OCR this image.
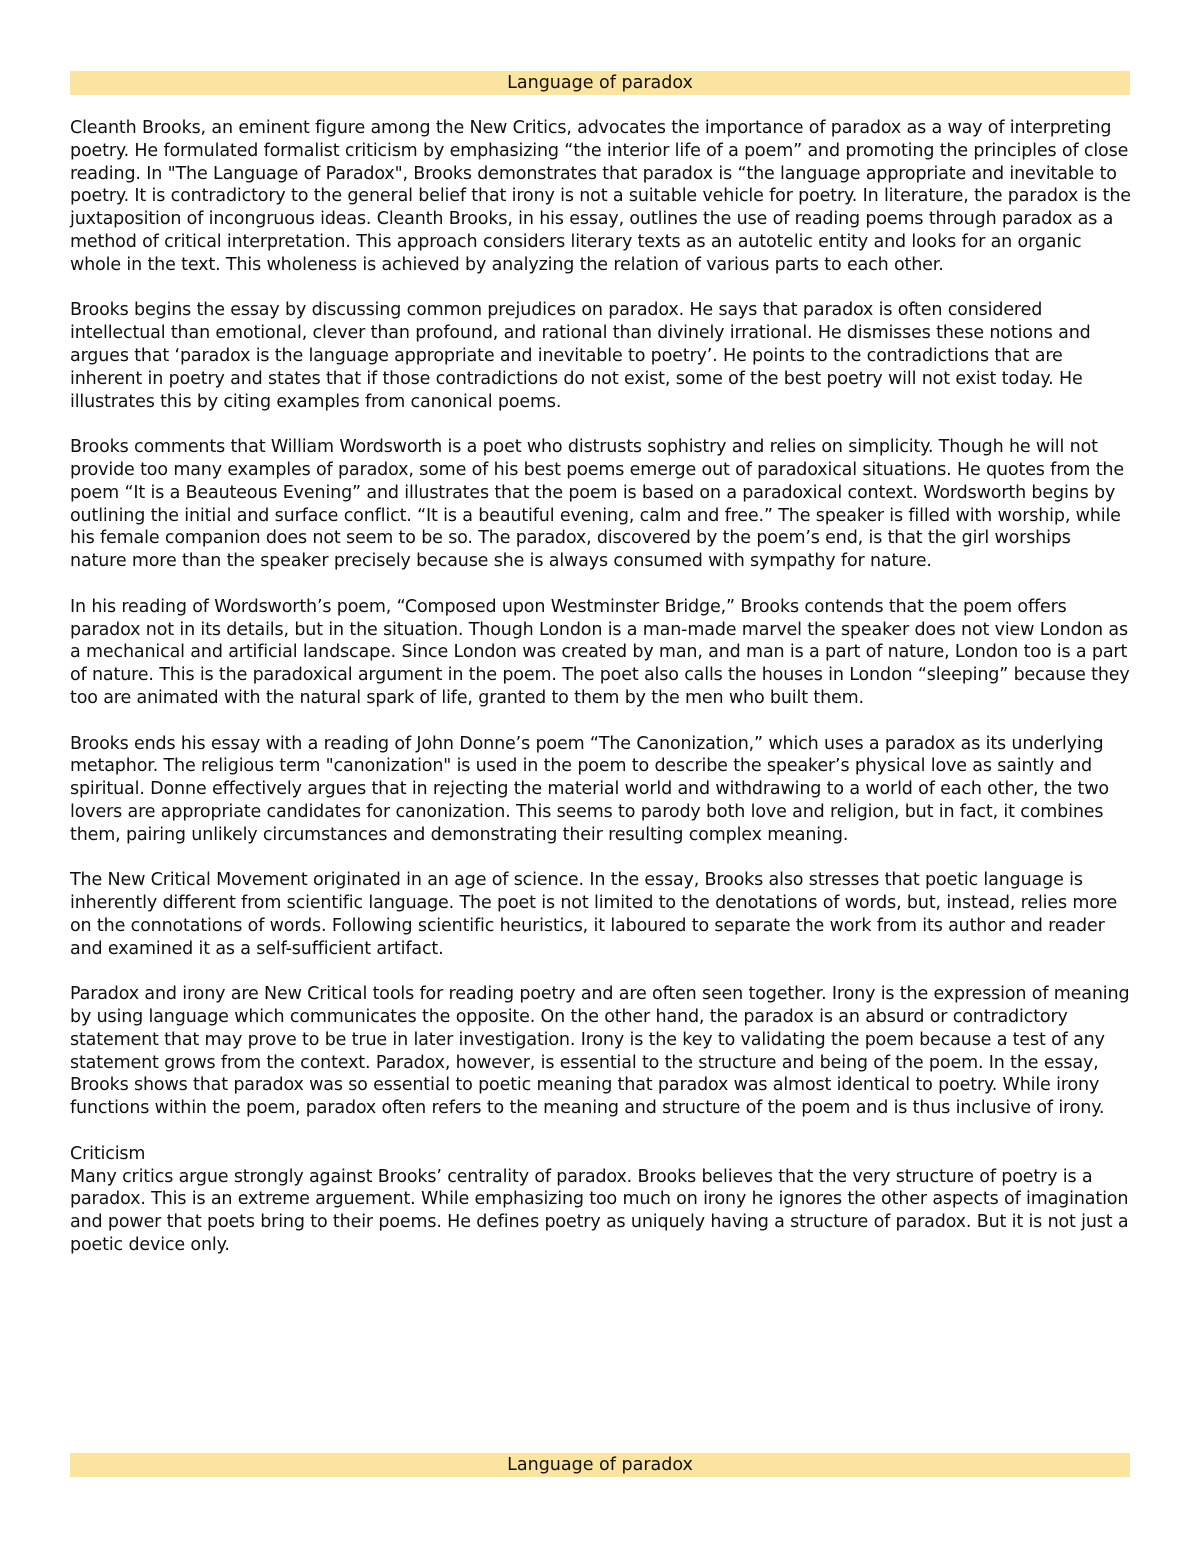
Language of paradox

Cleanth Brooks, an eminent figure among the New Critics, advocates the importance of paradox as a way of interpreting poetry. He formulated formalist criticism by emphasizing “the interior life of a poem” and promoting the principles of close reading. In "The Language of Paradox", Brooks demonstrates that paradox is “the language appropriate and inevitable to poetry. It is contradictory to the general belief that irony is not a suitable vehicle for poetry. In literature, the paradox is the juxtaposition of incongruous ideas. Cleanth Brooks, in his essay, outlines the use of reading poems through paradox as a method of critical interpretation. This approach considers literary texts as an autotelic entity and looks for an organic whole in the text. This wholeness is achieved by analyzing the relation of various parts to each other.

Brooks begins the essay by discussing common prejudices on paradox. He says that paradox is often considered intellectual than emotional, clever than profound, and rational than divinely irrational. He dismisses these notions and argues that ‘paradox is the language appropriate and inevitable to poetry’. He points to the contradictions that are inherent in poetry and states that if those contradictions do not exist, some of the best poetry will not exist today. He illustrates this by citing examples from canonical poems.

Brooks comments that William Wordsworth is a poet who distrusts sophistry and relies on simplicity. Though he will not provide too many examples of paradox, some of his best poems emerge out of paradoxical situations. He quotes from the poem “It is a Beauteous Evening” and illustrates that the poem is based on a paradoxical context. Wordsworth begins by outlining the initial and surface conflict. “It is a beautiful evening, calm and free.” The speaker is filled with worship, while his female companion does not seem to be so. The paradox, discovered by the poem’s end, is that the girl worships nature more than the speaker precisely because she is always consumed with sympathy for nature.

In his reading of Wordsworth’s poem, “Composed upon Westminster Bridge,” Brooks contends that the poem offers paradox not in its details, but in the situation. Though London is a man-made marvel the speaker does not view London as a mechanical and artificial landscape. Since London was created by man, and man is a part of nature, London too is a part of nature. This is the paradoxical argument in the poem. The poet also calls the houses in London “sleeping” because they too are animated with the natural spark of life, granted to them by the men who built them.

Brooks ends his essay with a reading of John Donne’s poem “The Canonization,” which uses a paradox as its underlying metaphor. The religious term "canonization" is used in the poem to describe the speaker’s physical love as saintly and spiritual. Donne effectively argues that in rejecting the material world and withdrawing to a world of each other, the two lovers are appropriate candidates for canonization. This seems to parody both love and religion, but in fact, it combines them, pairing unlikely circumstances and demonstrating their resulting complex meaning.

The New Critical Movement originated in an age of science. In the essay, Brooks also stresses that poetic language is inherently different from scientific language. The poet is not limited to the denotations of words, but, instead, relies more on the connotations of words. Following scientific heuristics, it laboured to separate the work from its author and reader and examined it as a self-sufficient artifact.

Paradox and irony are New Critical tools for reading poetry and are often seen together. Irony is the expression of meaning by using language which communicates the opposite. On the other hand, the paradox is an absurd or contradictory statement that may prove to be true in later investigation. Irony is the key to validating the poem because a test of any statement grows from the context. Paradox, however, is essential to the structure and being of the poem. In the essay, Brooks shows that paradox was so essential to poetic meaning that paradox was almost identical to poetry. While irony functions within the poem, paradox often refers to the meaning and structure of the poem and is thus inclusive of irony.

Criticism

Many critics argue strongly against Brooks’ centrality of paradox. Brooks believes that the very structure of poetry is a paradox. This is an extreme arguement. While emphasizing too much on irony he ignores the other aspects of imagination and power that poets bring to their poems. He defines poetry as uniquely having a structure of paradox. But it is not just a poetic device only.

Language of paradox
